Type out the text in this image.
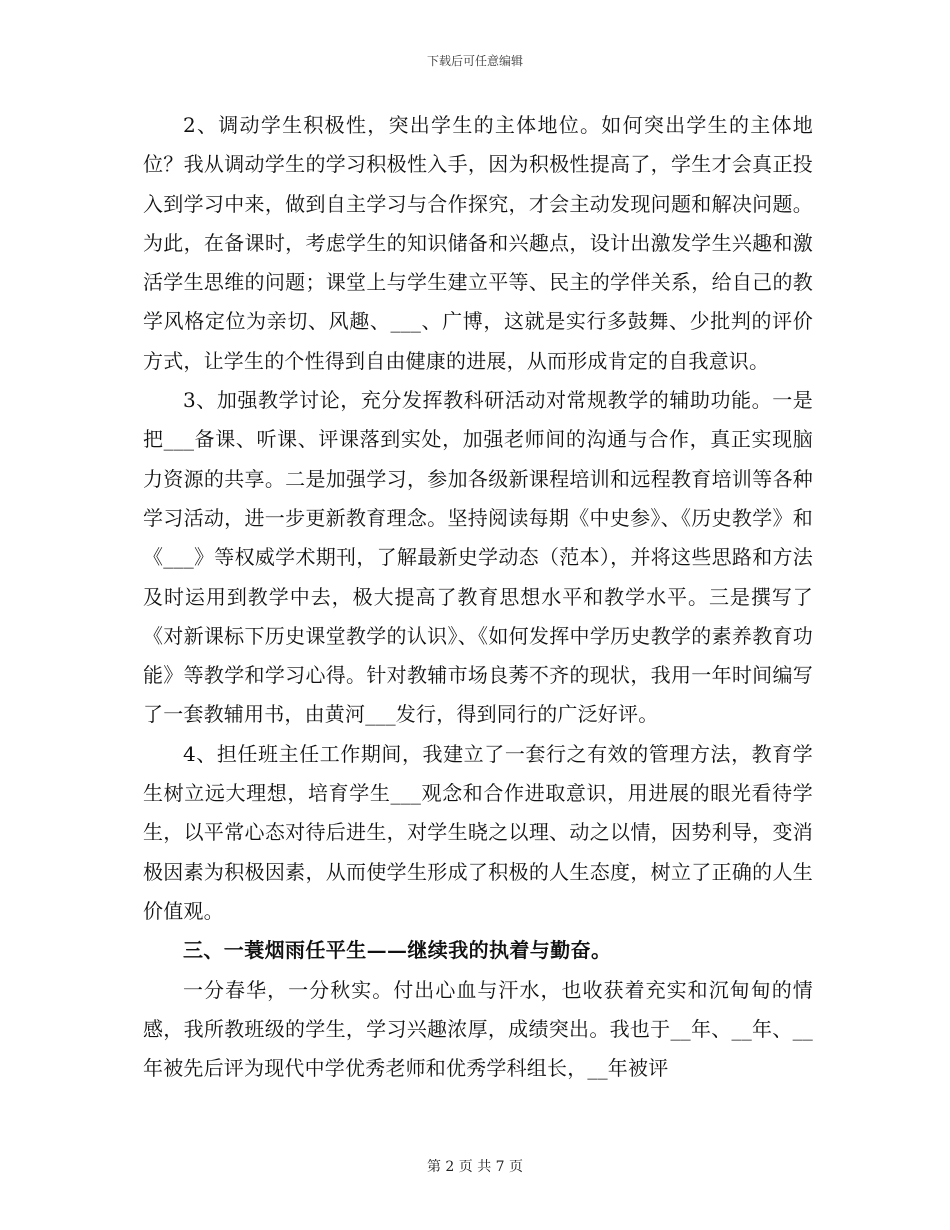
下载后可任意编辑

2、调动学生积极性，突出学生的主体地位。如何突出学生的主体地位？我从调动学生的学习积极性入手，因为积极性提高了，学生才会真正投入到学习中来，做到自主学习与合作探究，才会主动发现问题和解决问题。为此，在备课时，考虑学生的知识储备和兴趣点，设计出激发学生兴趣和激活学生思维的问题；课堂上与学生建立平等、民主的学伴关系，给自己的教学风格定位为亲切、风趣、___、广博，这就是实行多鼓舞、少批判的评价方式，让学生的个性得到自由健康的进展，从而形成肯定的自我意识。

3、加强教学讨论，充分发挥教科研活动对常规教学的辅助功能。一是把___备课、听课、评课落到实处，加强老师间的沟通与合作，真正实现脑力资源的共享。二是加强学习，参加各级新课程培训和远程教育培训等各种学习活动，进一步更新教育理念。坚持阅读每期《中史参》、《历史教学》和《___》等权威学术期刊，了解最新史学动态（范本），并将这些思路和方法及时运用到教学中去，极大提高了教育思想水平和教学水平。三是撰写了《对新课标下历史课堂教学的认识》、《如何发挥中学历史教学的素养教育功能》等教学和学习心得。针对教辅市场良莠不齐的现状，我用一年时间编写了一套教辅用书，由黄河___发行，得到同行的广泛好评。

4、担任班主任工作期间，我建立了一套行之有效的管理方法，教育学生树立远大理想，培育学生___观念和合作进取意识，用进展的眼光看待学生，以平常心态对待后进生，对学生晓之以理、动之以情，因势利导，变消极因素为积极因素，从而使学生形成了积极的人生态度，树立了正确的人生价值观。

三、一蓑烟雨任平生——继续我的执着与勤奋。

一分春华，一分秋实。付出心血与汗水，也收获着充实和沉甸甸的情感，我所教班级的学生，学习兴趣浓厚，成绩突出。我也于__年、__年、__年被先后评为现代中学优秀老师和优秀学科组长，__年被评

第 2 页 共 7 页
